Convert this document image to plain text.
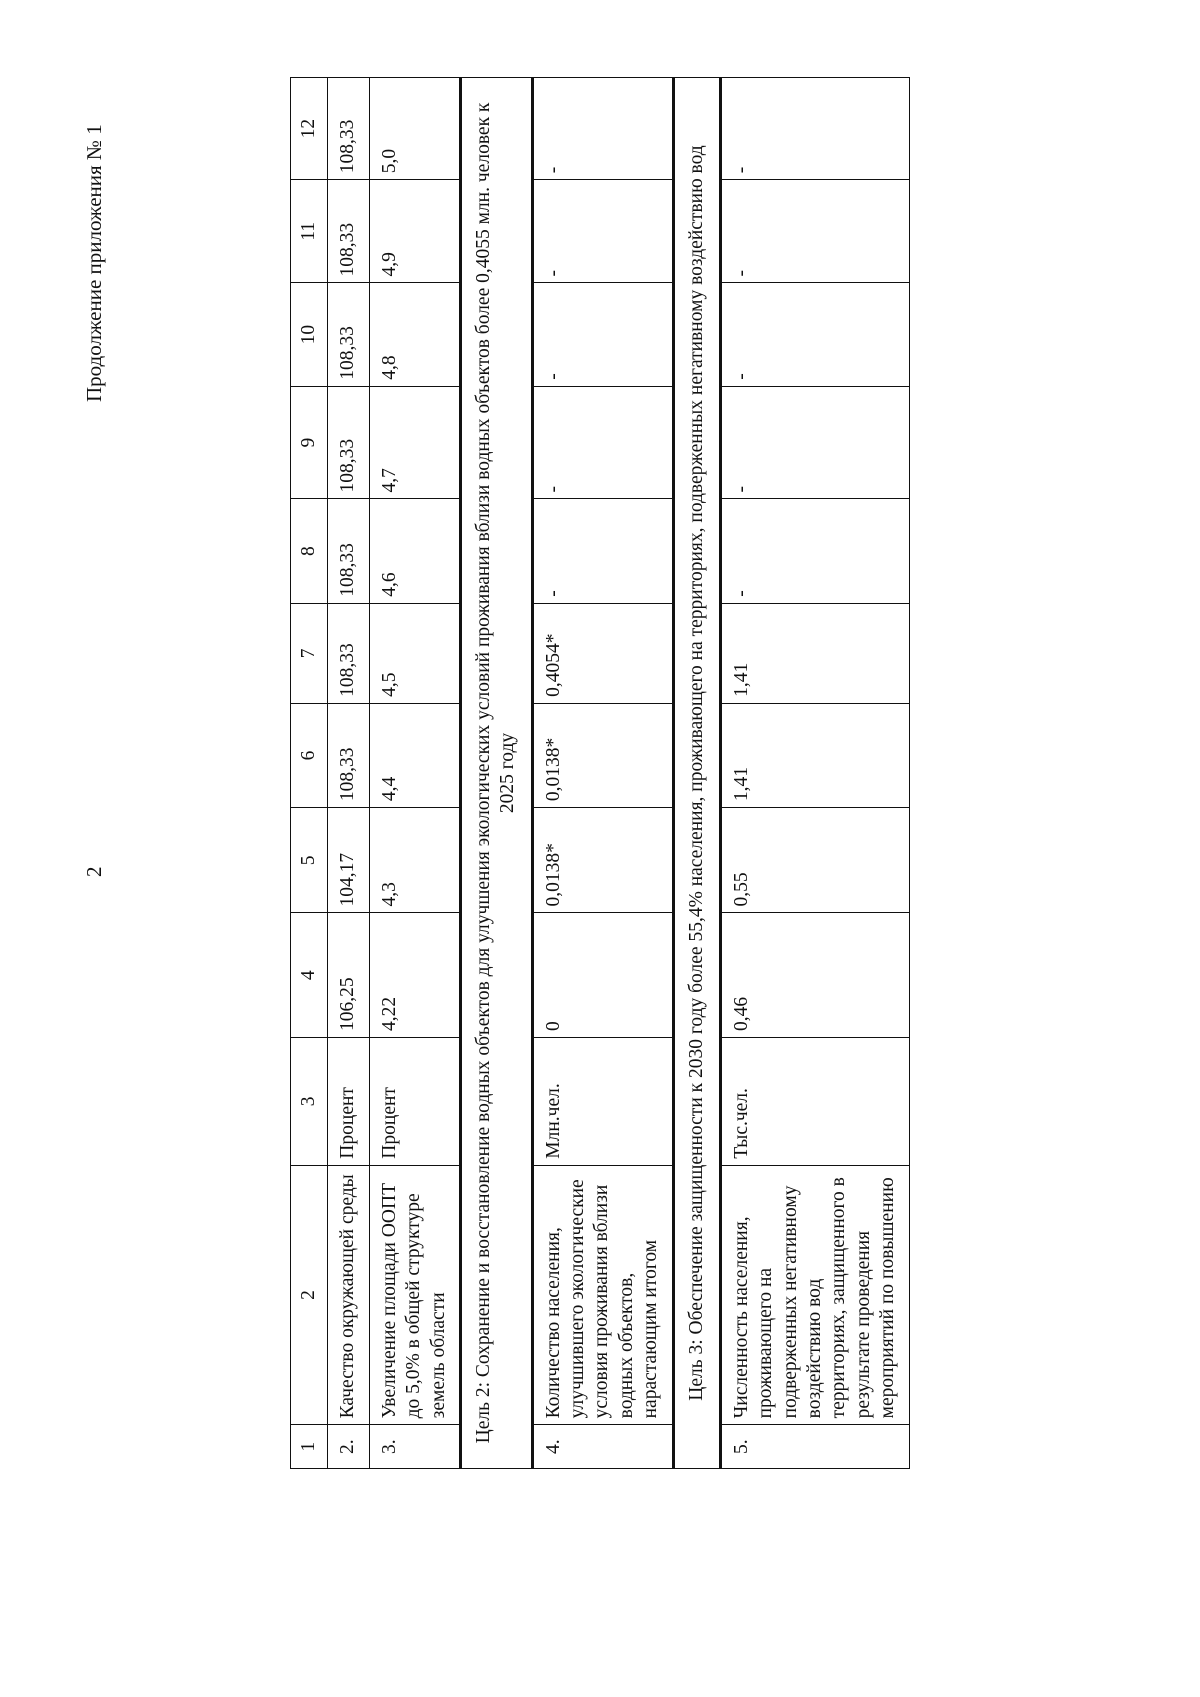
2
Продолжение приложения № 1
1	2	3	4	5	6	7	8	9	10	11	12
2.	Качество окружающей среды	Процент	106,25	104,17	108,33	108,33	108,33	108,33	108,33	108,33	108,33
3.	Увеличение площади ООПТ до 5,0% в общей структуре земель области	Процент	4,22	4,3	4,4	4,5	4,6	4,7	4,8	4,9	5,0
Цель 2: Сохранение и восстановление водных объектов для улучшения экологических условий проживания вблизи водных объектов более 0,4055 млн. человек к 2025 году											
4.	Количество населения, улучшившего экологические условия проживания вблизи водных объектов, нарастающим итогом	Млн.чел.	0	0,0138*	0,0138*	0,4054*	-	-	-	-	-
Цель 3: Обеспечение защищенности к 2030 году более 55,4% населения, проживающего на территориях, подверженных негативному воздействию вод											
5.	Численность населения, проживающего на подверженных негативному воздействию вод территориях, защищенного в результате проведения мероприятий по повышению	Тыс.чел.	0,46	0,55	1,41	1,41	-	-	-	-	-
